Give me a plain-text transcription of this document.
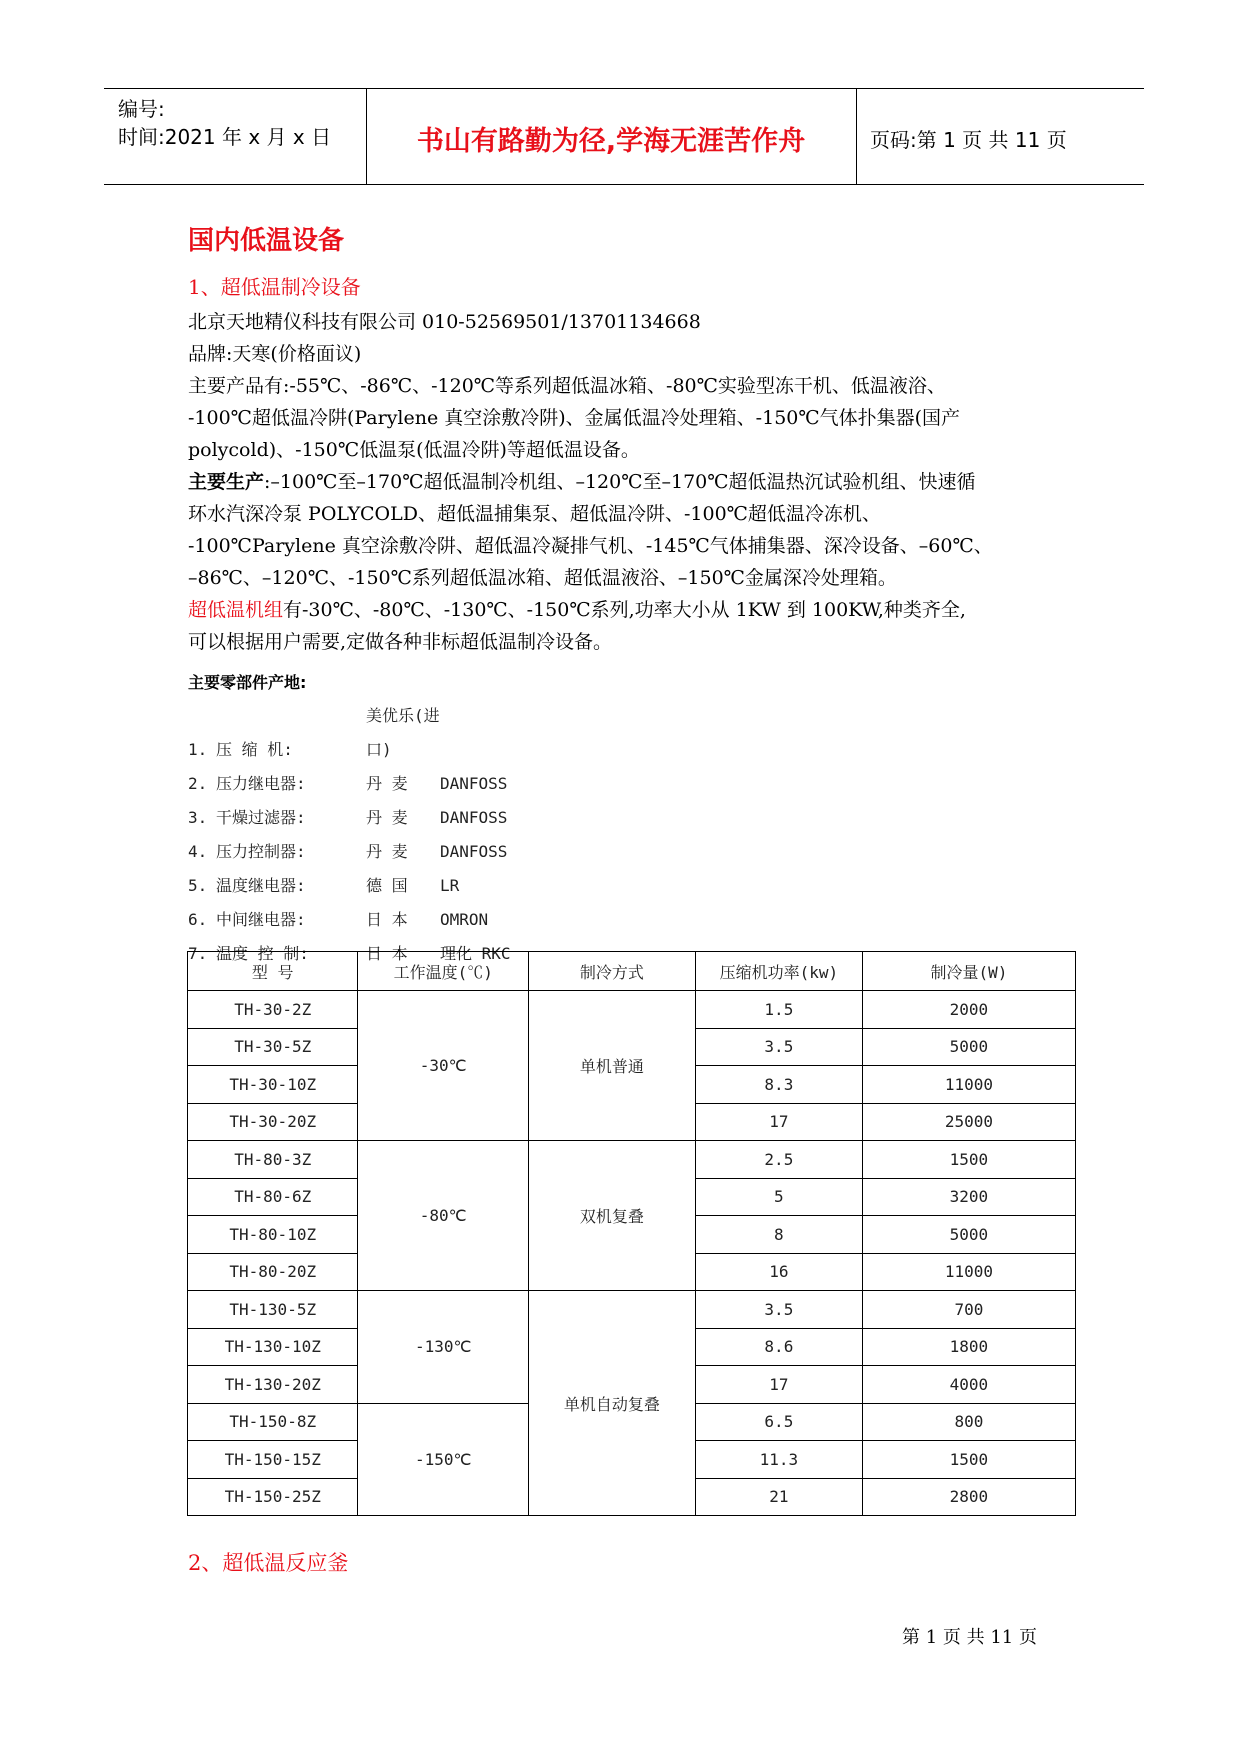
编号:
时间:2021 年 x 月 x 日	书山有路勤为径,学海无涯苦作舟	页码:第 1 页 共 11 页
国内低温设备
1、超低温制冷设备
北京天地精仪科技有限公司 010-52569501/13701134668
品牌:天寒(价格面议)
主要产品有:-55℃、-86℃、-120℃等系列超低温冰箱、-80℃实验型冻干机、低温液浴、
-100℃超低温冷阱(Parylene 真空涂敷冷阱)、金属低温冷处理箱、-150℃气体扑集器(国产
polycold)、-150℃低温泵(低温冷阱)等超低温设备。
主要生产:–100℃至–170℃超低温制冷机组、–120℃至–170℃超低温热沉试验机组、快速循
环水汽深冷泵 POLYCOLD、超低温捕集泵、超低温冷阱、-100℃超低温冷冻机、
-100℃Parylene 真空涂敷冷阱、超低温冷凝排气机、-145℃气体捕集器、深冷设备、–60℃、
–86℃、–120℃、-150℃系列超低温冰箱、超低温液浴、–150℃金属深冷处理箱。
超低温机组有-30℃、-80℃、-130℃、-150℃系列,功率大小从 1KW 到 100KW,种类齐全,
可以根据用户需要,定做各种非标超低温制冷设备。
主要零部件产地:
1. 压 缩 机:美优乐(进口)
2. 压力继电器:	丹 麦 DANFOSS
3. 干燥过滤器:	丹 麦 DANFOSS
4. 压力控制器:	丹 麦 DANFOSS
5. 温度继电器:	德 国 LR
6. 中间继电器:	日 本 OMRON
7. 温度 控 制:	日 本 理化 RKC
型 号	工作温度(℃)	制冷方式	压缩机功率(kw)	制冷量(W)
TH-30-2Z	-30℃	单机普通	1.5	2000
TH-30-5Z			3.5	5000
TH-30-10Z			8.3	11000
TH-30-20Z			17	25000
TH-80-3Z	-80℃	双机复叠	2.5	1500
TH-80-6Z			5	3200
TH-80-10Z			8	5000
TH-80-20Z			16	11000
TH-130-5Z	-130℃	单机自动复叠	3.5	700
TH-130-10Z			8.6	1800
TH-130-20Z			17	4000
TH-150-8Z	-150℃		6.5	800
TH-150-15Z			11.3	1500
TH-150-25Z			21	2800
2、超低温反应釜
第 1 页 共 11 页
